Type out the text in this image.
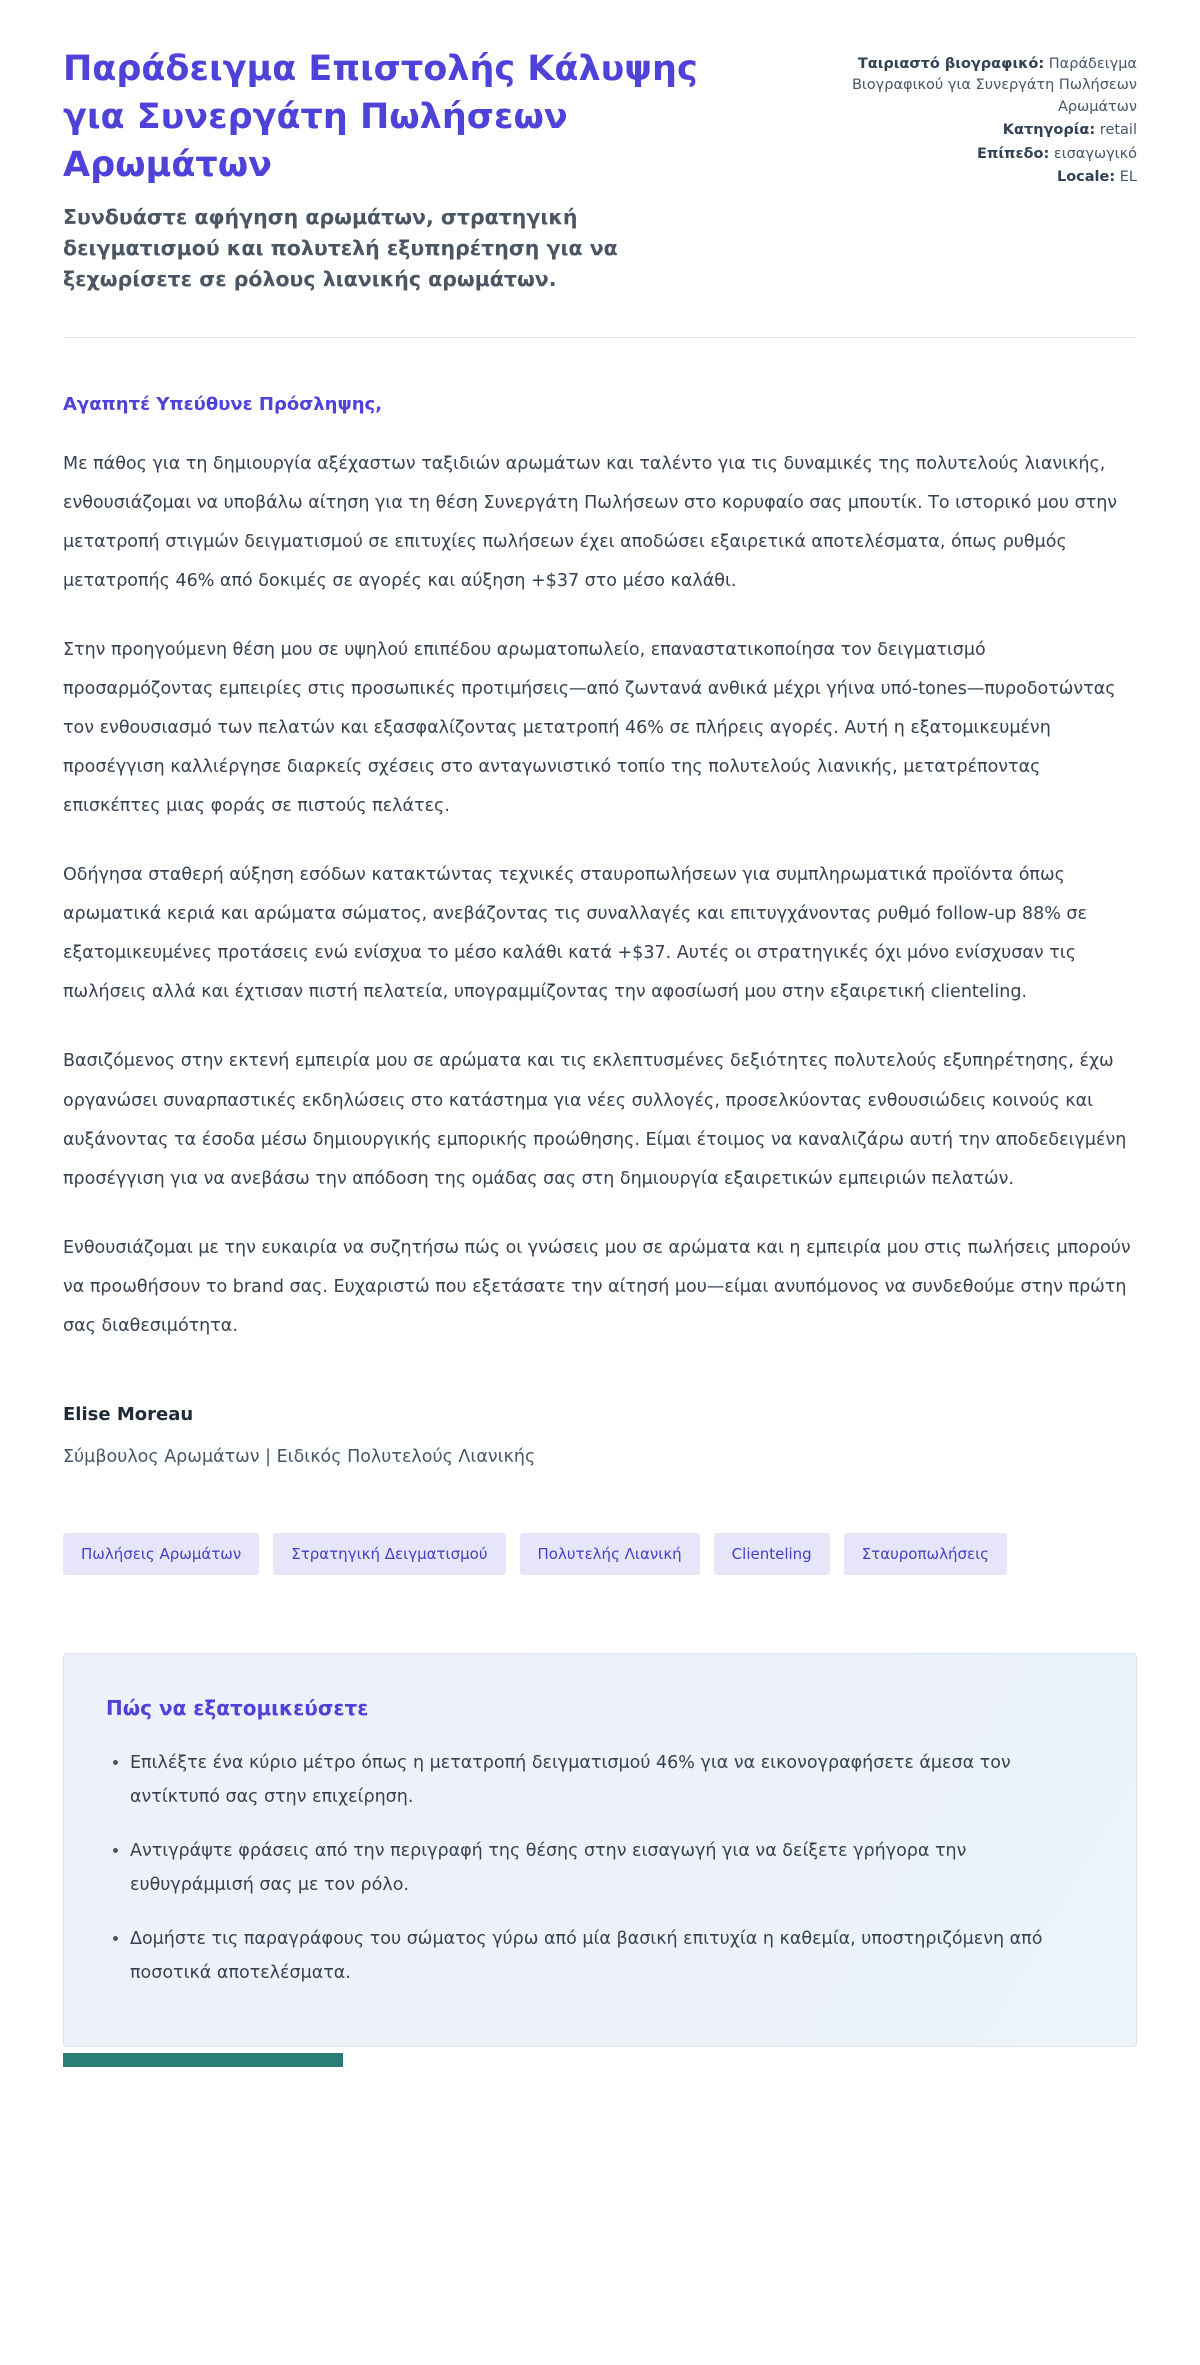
Παράδειγμα Επιστολής Κάλυψης για Συνεργάτη Πωλήσεων Αρωμάτων
Συνδυάστε αφήγηση αρωμάτων, στρατηγική δειγματισμού και πολυτελή εξυπηρέτηση για να ξεχωρίσετε σε ρόλους λιανικής αρωμάτων.
Ταιριαστό βιογραφικό: Παράδειγμα Βιογραφικού για Συνεργάτη Πωλήσεων Αρωμάτων
Κατηγορία: retail
Επίπεδο: εισαγωγικό
Locale: EL
Αγαπητέ Υπεύθυνε Πρόσληψης,

Με πάθος για τη δημιουργία αξέχαστων ταξιδιών αρωμάτων και ταλέντο για τις δυναμικές της πολυτελούς λιανικής, ενθουσιάζομαι να υποβάλω αίτηση για τη θέση Συνεργάτη Πωλήσεων στο κορυφαίο σας μπουτίκ. Το ιστορικό μου στην μετατροπή στιγμών δειγματισμού σε επιτυχίες πωλήσεων έχει αποδώσει εξαιρετικά αποτελέσματα, όπως ρυθμός μετατροπής 46% από δοκιμές σε αγορές και αύξηση +$37 στο μέσο καλάθι.

Στην προηγούμενη θέση μου σε υψηλού επιπέδου αρωματοπωλείο, επαναστατικοποίησα τον δειγματισμό προσαρμόζοντας εμπειρίες στις προσωπικές προτιμήσεις—από ζωντανά ανθικά μέχρι γήινα υπό-tones—πυροδοτώντας τον ενθουσιασμό των πελατών και εξασφαλίζοντας μετατροπή 46% σε πλήρεις αγορές. Αυτή η εξατομικευμένη προσέγγιση καλλιέργησε διαρκείς σχέσεις στο ανταγωνιστικό τοπίο της πολυτελούς λιανικής, μετατρέποντας επισκέπτες μιας φοράς σε πιστούς πελάτες.

Οδήγησα σταθερή αύξηση εσόδων κατακτώντας τεχνικές σταυροπωλήσεων για συμπληρωματικά προϊόντα όπως αρωματικά κεριά και αρώματα σώματος, ανεβάζοντας τις συναλλαγές και επιτυγχάνοντας ρυθμό follow-up 88% σε εξατομικευμένες προτάσεις ενώ ενίσχυα το μέσο καλάθι κατά +$37. Αυτές οι στρατηγικές όχι μόνο ενίσχυσαν τις πωλήσεις αλλά και έχτισαν πιστή πελατεία, υπογραμμίζοντας την αφοσίωσή μου στην εξαιρετική clienteling.

Βασιζόμενος στην εκτενή εμπειρία μου σε αρώματα και τις εκλεπτυσμένες δεξιότητες πολυτελούς εξυπηρέτησης, έχω οργανώσει συναρπαστικές εκδηλώσεις στο κατάστημα για νέες συλλογές, προσελκύοντας ενθουσιώδεις κοινούς και αυξάνοντας τα έσοδα μέσω δημιουργικής εμπορικής προώθησης. Είμαι έτοιμος να καναλιζάρω αυτή την αποδεδειγμένη προσέγγιση για να ανεβάσω την απόδοση της ομάδας σας στη δημιουργία εξαιρετικών εμπειριών πελατών.

Ενθουσιάζομαι με την ευκαιρία να συζητήσω πώς οι γνώσεις μου σε αρώματα και η εμπειρία μου στις πωλήσεις μπορούν να προωθήσουν το brand σας. Ευχαριστώ που εξετάσατε την αίτησή μου—είμαι ανυπόμονος να συνδεθούμε στην πρώτη σας διαθεσιμότητα.

Elise Moreau
Σύμβουλος Αρωμάτων | Ειδικός Πολυτελούς Λιανικής
Πωλήσεις Αρωμάτων	Στρατηγική Δειγματισμού	Πολυτελής Λιανική	Clienteling	Σταυροπωλήσεις
Πώς να εξατομικεύσετε
• Επιλέξτε ένα κύριο μέτρο όπως η μετατροπή δειγματισμού 46% για να εικονογραφήσετε άμεσα τον αντίκτυπό σας στην επιχείρηση.
• Αντιγράψτε φράσεις από την περιγραφή της θέσης στην εισαγωγή για να δείξετε γρήγορα την ευθυγράμμισή σας με τον ρόλο.
• Δομήστε τις παραγράφους του σώματος γύρω από μία βασική επιτυχία η καθεμία, υποστηριζόμενη από ποσοτικά αποτελέσματα.
